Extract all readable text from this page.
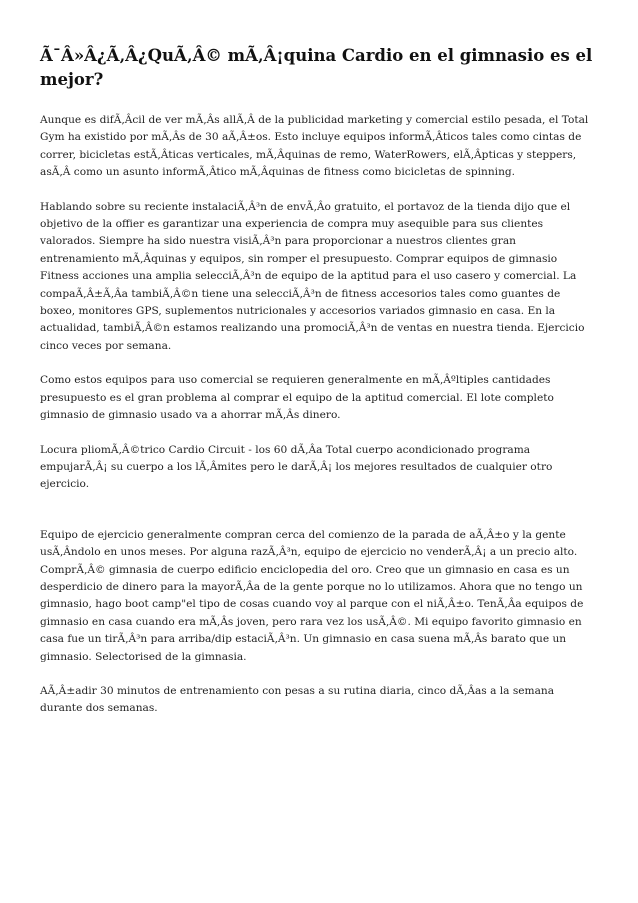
Ã¯Â»Â¿Ã‚Â¿QuÃ‚Â© mÃ‚Â¡quina Cardio en el gimnasio es el mejor?

Aunque es difÃ‚Âcil de ver mÃ‚Âs allÃ‚Â de la publicidad marketing y comercial estilo pesada, el Total Gym ha existido por mÃ‚Âs de 30 aÃ‚Â±os. Esto incluye equipos informÃ‚Âticos tales como cintas de correr, bicicletas estÃ‚Âticas verticales, mÃ‚Âquinas de remo, WaterRowers, elÃ‚Âpticas y steppers, asÃ‚Â como un asunto informÃ‚Âtico mÃ‚Âquinas de fitness como bicicletas de spinning.

Hablando sobre su reciente instalaciÃ‚Â³n de envÃ‚Âo gratuito, el portavoz de la tienda dijo que el objetivo de la offier es garantizar una experiencia de compra muy asequible para sus clientes valorados. Siempre ha sido nuestra visiÃ‚Â³n para proporcionar a nuestros clientes gran entrenamiento mÃ‚Âquinas y equipos, sin romper el presupuesto. Comprar equipos de gimnasio Fitness acciones una amplia selecciÃ‚Â³n de equipo de la aptitud para el uso casero y comercial. La compaÃ‚Â±Ã‚Âa tambiÃ‚Â©n tiene una selecciÃ‚Â³n de fitness accesorios tales como guantes de boxeo, monitores GPS, suplementos nutricionales y accesorios variados gimnasio en casa. En la actualidad, tambiÃ‚Â©n estamos realizando una promociÃ‚Â³n de ventas en nuestra tienda. Ejercicio cinco veces por semana.

Como estos equipos para uso comercial se requieren generalmente en mÃ‚Âºltiples cantidades presupuesto es el gran problema al comprar el equipo de la aptitud comercial. El lote completo gimnasio de gimnasio usado va a ahorrar mÃ‚Âs dinero.

Locura pliomÃ‚Â©trico Cardio Circuit - los 60 dÃ‚Âa Total cuerpo acondicionado programa empujarÃ‚Â¡ su cuerpo a los lÃ‚Âmites pero le darÃ‚Â¡ los mejores resultados de cualquier otro ejercicio.

Equipo de ejercicio generalmente compran cerca del comienzo de la parada de aÃ‚Â±o y la gente usÃ‚Ândolo en unos meses. Por alguna razÃ‚Â³n, equipo de ejercicio no venderÃ‚Â¡ a un precio alto. ComprÃ‚Â© gimnasia de cuerpo edificio enciclopedia del oro. Creo que un gimnasio en casa es un desperdicio de dinero para la mayorÃ‚Âa de la gente porque no lo utilizamos. Ahora que no tengo un gimnasio, hago boot camp"el tipo de cosas cuando voy al parque con el niÃ‚Â±o. TenÃ‚Âa equipos de gimnasio en casa cuando era mÃ‚Âs joven, pero rara vez los usÃ‚Â©. Mi equipo favorito gimnasio en casa fue un tirÃ‚Â³n para arriba/dip estaciÃ‚Â³n. Un gimnasio en casa suena mÃ‚Âs barato que un gimnasio. Selectorised de la gimnasia.

AÃ‚Â±adir 30 minutos de entrenamiento con pesas a su rutina diaria, cinco dÃ‚Âas a la semana durante dos semanas.
